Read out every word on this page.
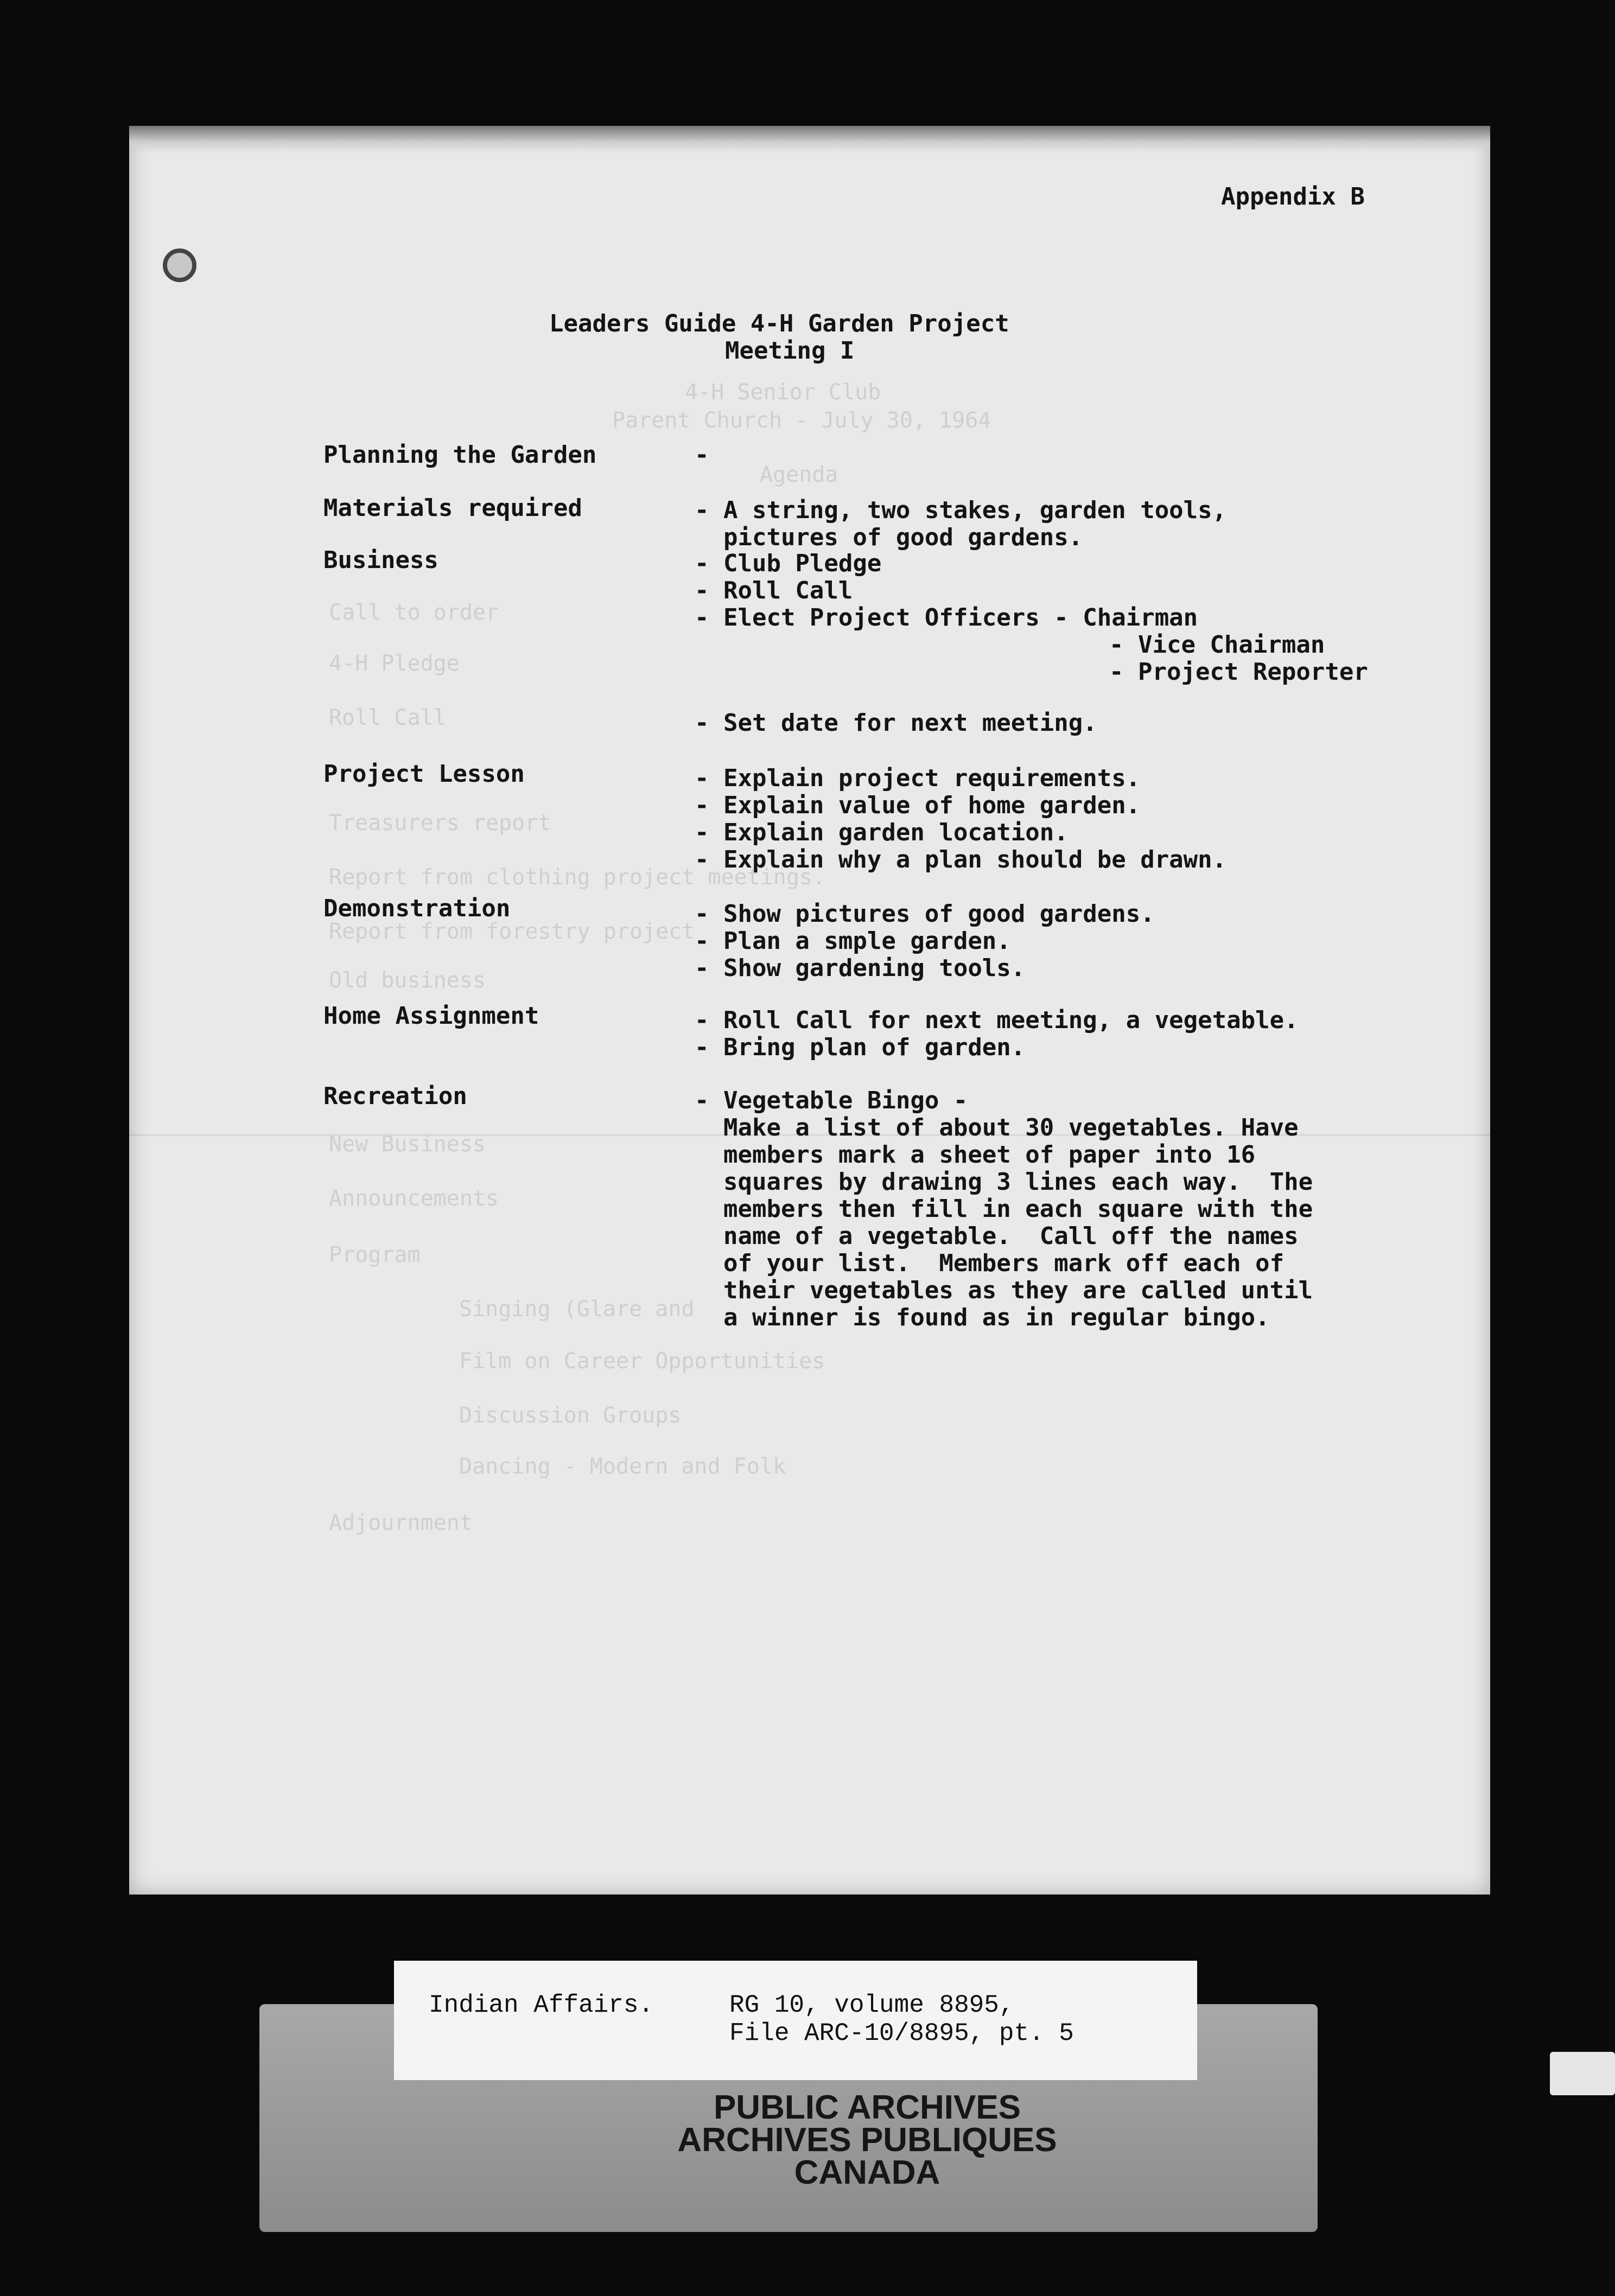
4-H Senior Club
Parent Church - July 30, 1964
Agenda
Call to order
4-H Pledge
Roll Call
Treasurers report
Report from clothing project meetings.
Report from forestry project
Old business
New Business
Announcements
Program
Singing (Glare and
Film on Career Opportunities
Discussion Groups
Dancing - Modern and Folk
Adjournment
Appendix B
Leaders Guide 4-H Garden Project
Meeting I
Planning the Garden	-
Materials required	- A string, two stakes, garden tools,
pictures of good gardens.
Business	- Club Pledge
- Roll Call
- Elect Project Officers - Chairman
- Vice Chairman
- Project Reporter
- Set date for next meeting.
Project Lesson	- Explain project requirements.
- Explain value of home garden.
- Explain garden location.
- Explain why a plan should be drawn.
Demonstration	- Show pictures of good gardens.
- Plan a smple garden.
- Show gardening tools.
Home Assignment	- Roll Call for next meeting, a vegetable.
- Bring plan of garden.
Recreation	- Vegetable Bingo -
Make a list of about 30 vegetables. Have
members mark a sheet of paper into 16
squares by drawing 3 lines each way.  The
members then fill in each square with the
name of a vegetable.  Call off the names
of your list.  Members mark off each of
their vegetables as they are called until
a winner is found as in regular bingo.
PUBLIC ARCHIVES
ARCHIVES PUBLIQUES
CANADA
Indian Affairs.	RG 10, volume 8895,
File ARC-10/8895, pt. 5
